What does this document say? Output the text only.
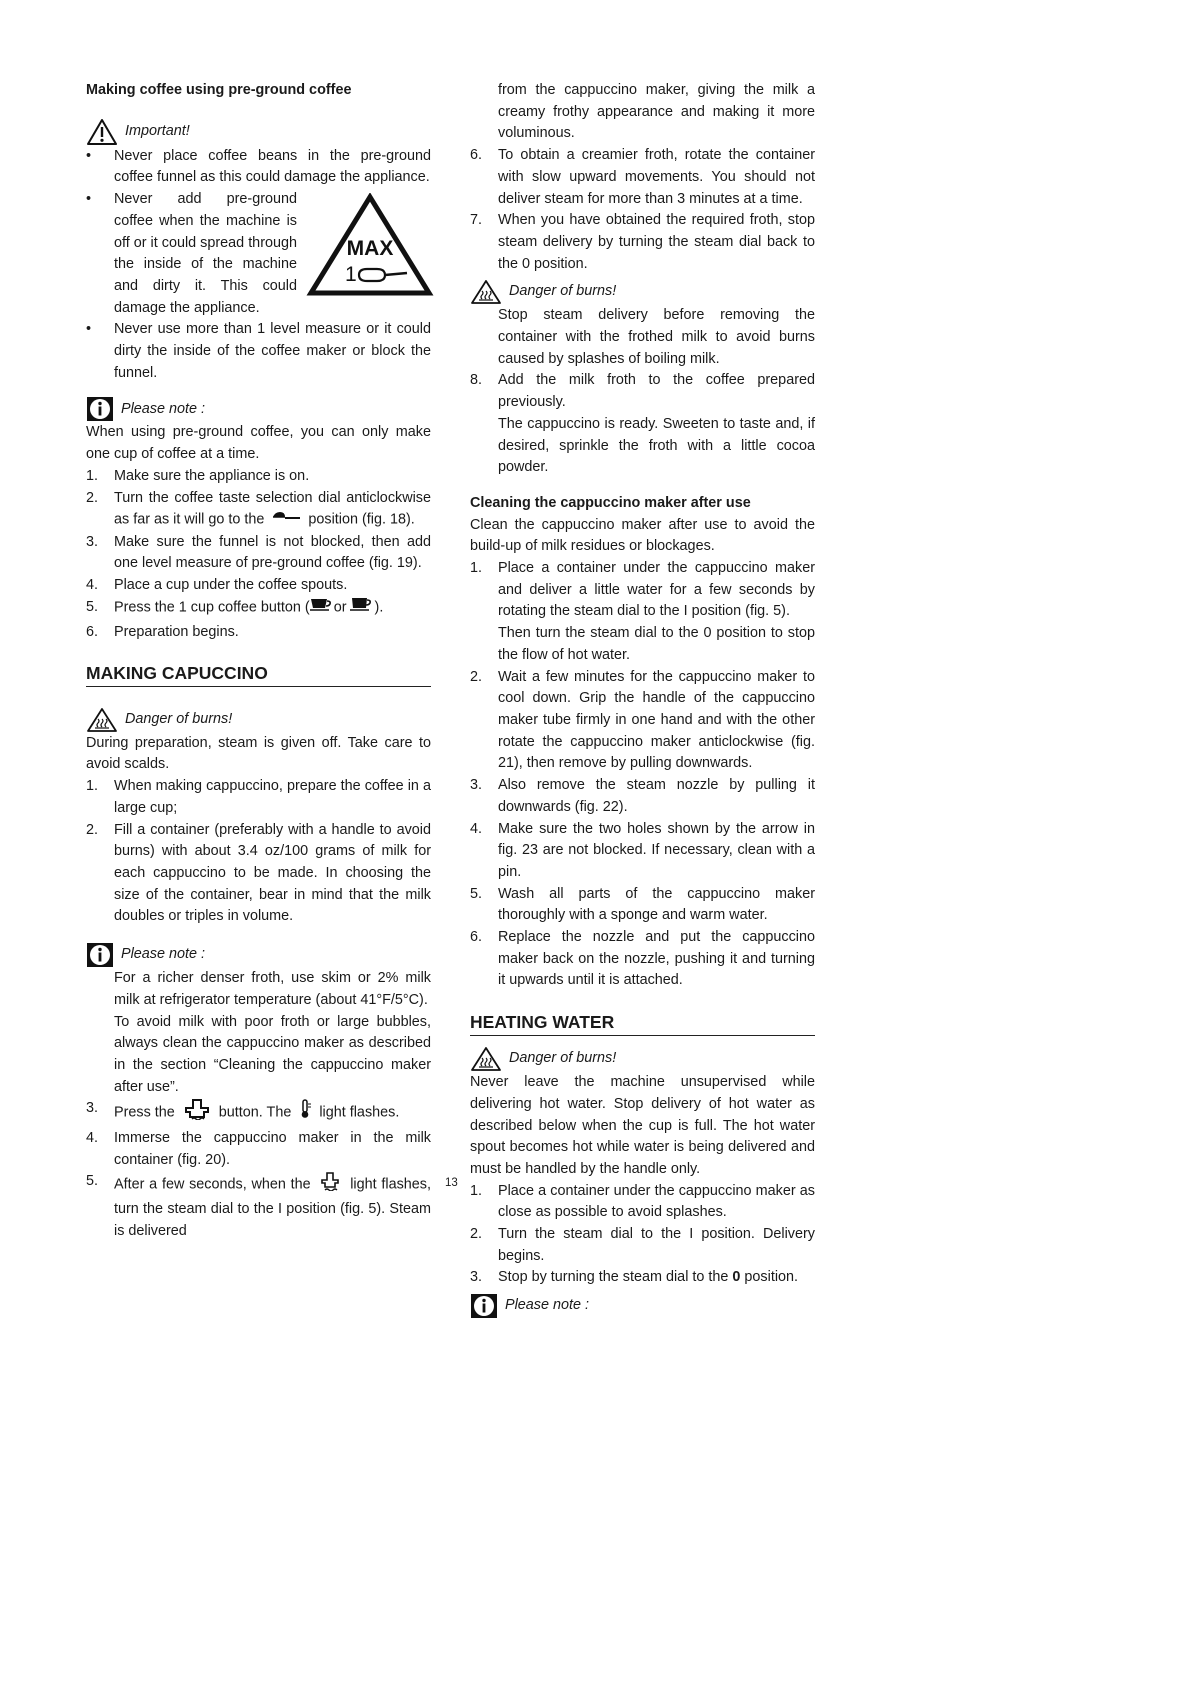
Making coffee using pre-ground coffee

Important!
•	Never place coffee beans in the pre-ground coffee funnel as this could damage the appliance.
MAX
1
•	Never add pre-ground coffee when the machine is off or it could spread through the inside of the machine and dirty it. This could damage the appliance.
•	Never use more than 1 level measure or it could dirty the inside of the coffee maker or block the funnel.
Please note :

When using pre-ground coffee, you can only make one cup of coffee at a time.

1.	Make sure the appliance is on.
2.	Turn the coffee taste selection dial anticlockwise as far as it will go to the	position (fig. 18).
3.	Make sure the funnel is not blocked, then add one level measure of pre-ground coffee (fig. 19).
4.	Place a cup under the coffee spouts.
5.	Press the 1 cup coffee button ( or ).
6.	Preparation begins.

MAKING CAPUCCINO

Danger of burns!

During preparation, steam is given off. Take care to avoid scalds.

1.	When making cappuccino, prepare the coffee in a large cup;
2.	Fill a container (preferably with a handle to avoid burns) with about 3.4 oz/100 grams of milk for each cappuccino to be made. In choosing the size of the container, bear in mind that the milk doubles or triples in volume.
Please note :

For a richer denser froth, use skim or 2% milk milk at refrigerator temperature (about 41°F/5°C).

To avoid milk with poor froth or large bubbles, always clean the cappuccino maker as described in the section “Cleaning the cappuccino maker after use”.

3.	Press the	button. The light flashes.
4.	Immerse the cappuccino maker in the milk container (fig. 20).
5.	After a few seconds, when the	light flashes, turn the steam dial to the I position (fig. 5). Steam is delivered

from the cappuccino maker, giving the milk a creamy frothy appearance and making it more voluminous.

6.	To obtain a creamier froth, rotate the container with slow upward movements. You should not deliver steam for more than 3 minutes at a time.
7.	When you have obtained the required froth, stop steam delivery by turning the steam dial back to the 0 position.
Danger of burns!

Stop steam delivery before removing the container with the frothed milk to avoid burns caused by splashes of boiling milk.

8.	Add the milk froth to the coffee prepared previously.

The cappuccino is ready. Sweeten to taste and, if desired, sprinkle the froth with a little cocoa powder.

Cleaning the cappuccino maker after use

Clean the cappuccino maker after use to avoid the build-up of milk residues or blockages.

1.	Place a container under the cappuccino maker and deliver a little water for a few seconds by rotating the steam dial to the I position (fig. 5).

Then turn the steam dial to the 0 position to stop the flow of hot water.

2.	Wait a few minutes for the cappuccino maker to cool down. Grip the handle of the cappuccino maker tube firmly in one hand and with the other rotate the cappuccino maker anticlockwise (fig. 21), then remove by pulling downwards.
3.	Also remove the steam nozzle by pulling it downwards (fig. 22).
4.	Make sure the two holes shown by the arrow in fig. 23 are not blocked. If necessary, clean with a pin.
5.	Wash all parts of the cappuccino maker thoroughly with a sponge and warm water.
6.	Replace the nozzle and put the cappuccino maker back on the nozzle, pushing it and turning it upwards until it is attached.

HEATING WATER

Danger of burns!

Never leave the machine unsupervised while delivering hot water. Stop delivery of hot water as described below when the cup is full. The hot water spout becomes hot while water is being delivered and must be handled by the handle only.

1.	Place a container under the cappuccino maker as close as possible to avoid splashes.
2.	Turn the steam dial to the I position. Delivery begins.
3.	Stop by turning the steam dial to the 0 position.
Please note :
13
